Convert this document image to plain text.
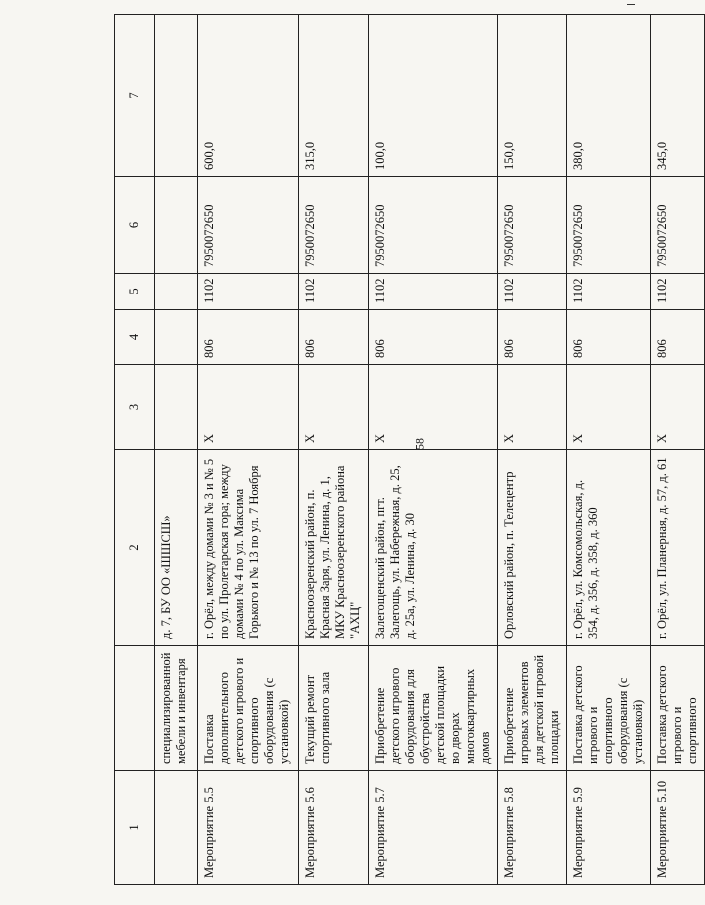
58
1		2	3	4	5	6	7
	специализированной мебели и инвентаря	д. 7, БУ ОО «ШШСШ»					
Мероприятие 5.5	Поставка дополнительного детского игрового и спортивного оборудования (с установкой)	г. Орёл, между домами № 3 и № 5 по ул. Пролетарская гора; между домами № 4 по ул. Максима Горького и № 13 по ул. 7 Ноября	X	806	1102	7950072650	600,0
Мероприятие 5.6	Текущий ремонт спортивного зала	Красноозеренский район, п. Красная Заря, ул. Ленина, д. 1, МКУ Красноозеренского района "АХЦ"	X	806	1102	7950072650	315,0
Мероприятие 5.7	Приобретение детского игрового оборудования для обустройства детской площадки во дворах многоквартирных домов	Залегощенский район, пгт. Залегощь, ул. Набережная, д. 25, д. 25а, ул. Ленина, д. 30	X	806	1102	7950072650	100,0
Мероприятие 5.8	Приобретение игровых элементов для детской игровой площадки	Орловский район, п. Телецентр	X	806	1102	7950072650	150,0
Мероприятие 5.9	Поставка детского игрового и спортивного оборудования (с установкой)	г. Орёл, ул. Комсомольская, д. 354, д. 356, д. 358, д. 360	X	806	1102	7950072650	380,0
Мероприятие 5.10	Поставка детского игрового и спортивного	г. Орёл, ул. Планерная, д. 57, д. 61	X	806	1102	7950072650	345,0
